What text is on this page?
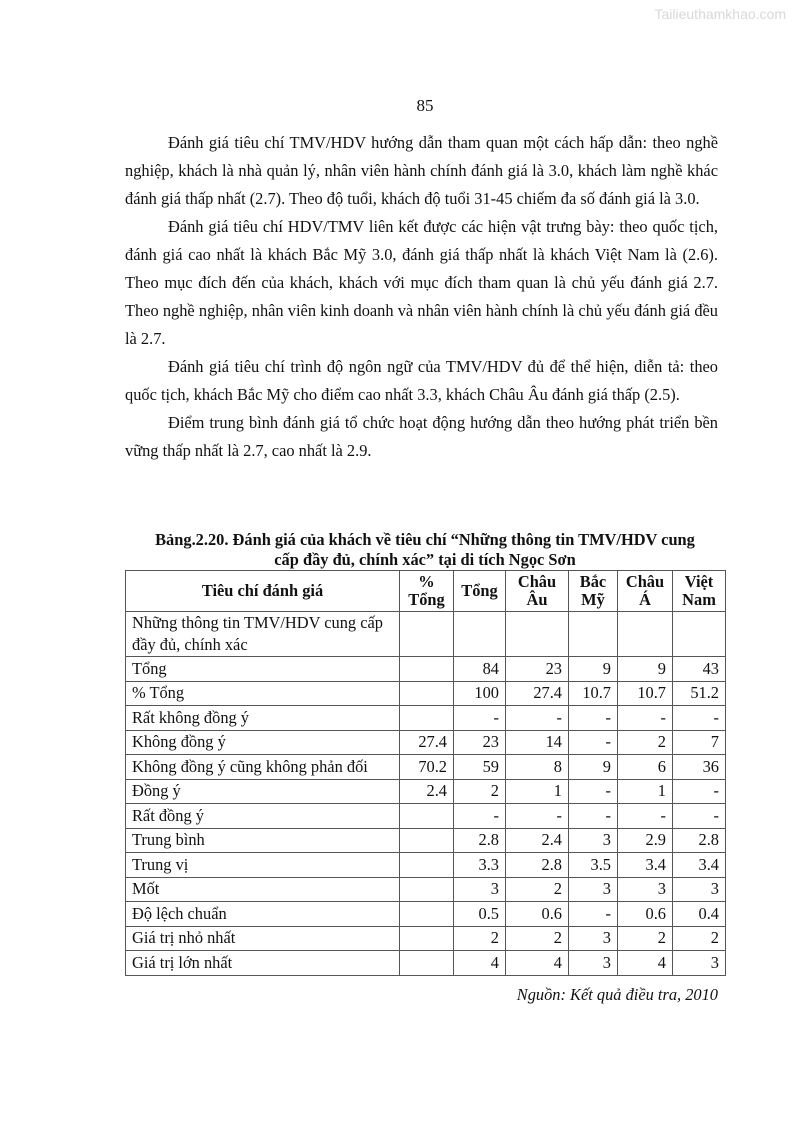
Tailieuthamkhao.com
85

Đánh giá tiêu chí TMV/HDV hướng dẫn tham quan một cách hấp dẫn: theo nghề nghiệp, khách là nhà quản lý, nhân viên hành chính đánh giá là 3.0, khách làm nghề khác đánh giá thấp nhất (2.7). Theo độ tuổi, khách độ tuổi 31-45 chiếm đa số đánh giá là 3.0.

Đánh giá tiêu chí HDV/TMV liên kết được các hiện vật trưng bày: theo quốc tịch, đánh giá cao nhất là khách Bắc Mỹ 3.0, đánh giá thấp nhất là khách Việt Nam là (2.6). Theo mục đích đến của khách, khách với mục đích tham quan là chủ yếu đánh giá 2.7. Theo nghề nghiệp, nhân viên kinh doanh và nhân viên hành chính là chủ yếu đánh giá đều là 2.7.

Đánh giá tiêu chí trình độ ngôn ngữ của TMV/HDV đủ để thể hiện, diễn tả: theo quốc tịch, khách Bắc Mỹ cho điểm cao nhất 3.3, khách Châu Âu đánh giá thấp (2.5).

Điểm trung bình đánh giá tổ chức hoạt động hướng dẫn theo hướng phát triển bền vững thấp nhất là 2.7, cao nhất là 2.9.

Bảng.2.20. Đánh giá của khách về tiêu chí “Những thông tin TMV/HDV cung
cấp đầy đủ, chính xác” tại di tích Ngọc Sơn
Tiêu chí đánh giá	% Tổng	Tổng	Châu Âu	Bắc Mỹ	Châu Á	Việt Nam
Những thông tin TMV/HDV cung cấp đầy đủ, chính xác						
Tổng		84	23	9	9	43
% Tổng		100	27.4	10.7	10.7	51.2
Rất không đồng ý		-	-	-	-	-
Không đồng ý	27.4	23	14	-	2	7
Không đồng ý cũng không phản đối	70.2	59	8	9	6	36
Đồng ý	2.4	2	1	-	1	-
Rất đồng ý		-	-	-	-	-
Trung bình		2.8	2.4	3	2.9	2.8
Trung vị		3.3	2.8	3.5	3.4	3.4
Mốt		3	2	3	3	3
Độ lệch chuẩn		0.5	0.6	-	0.6	0.4
Giá trị nhỏ nhất		2	2	3	2	2
Giá trị lớn nhất		4	4	3	4	3
Nguồn: Kết quả điều tra, 2010
